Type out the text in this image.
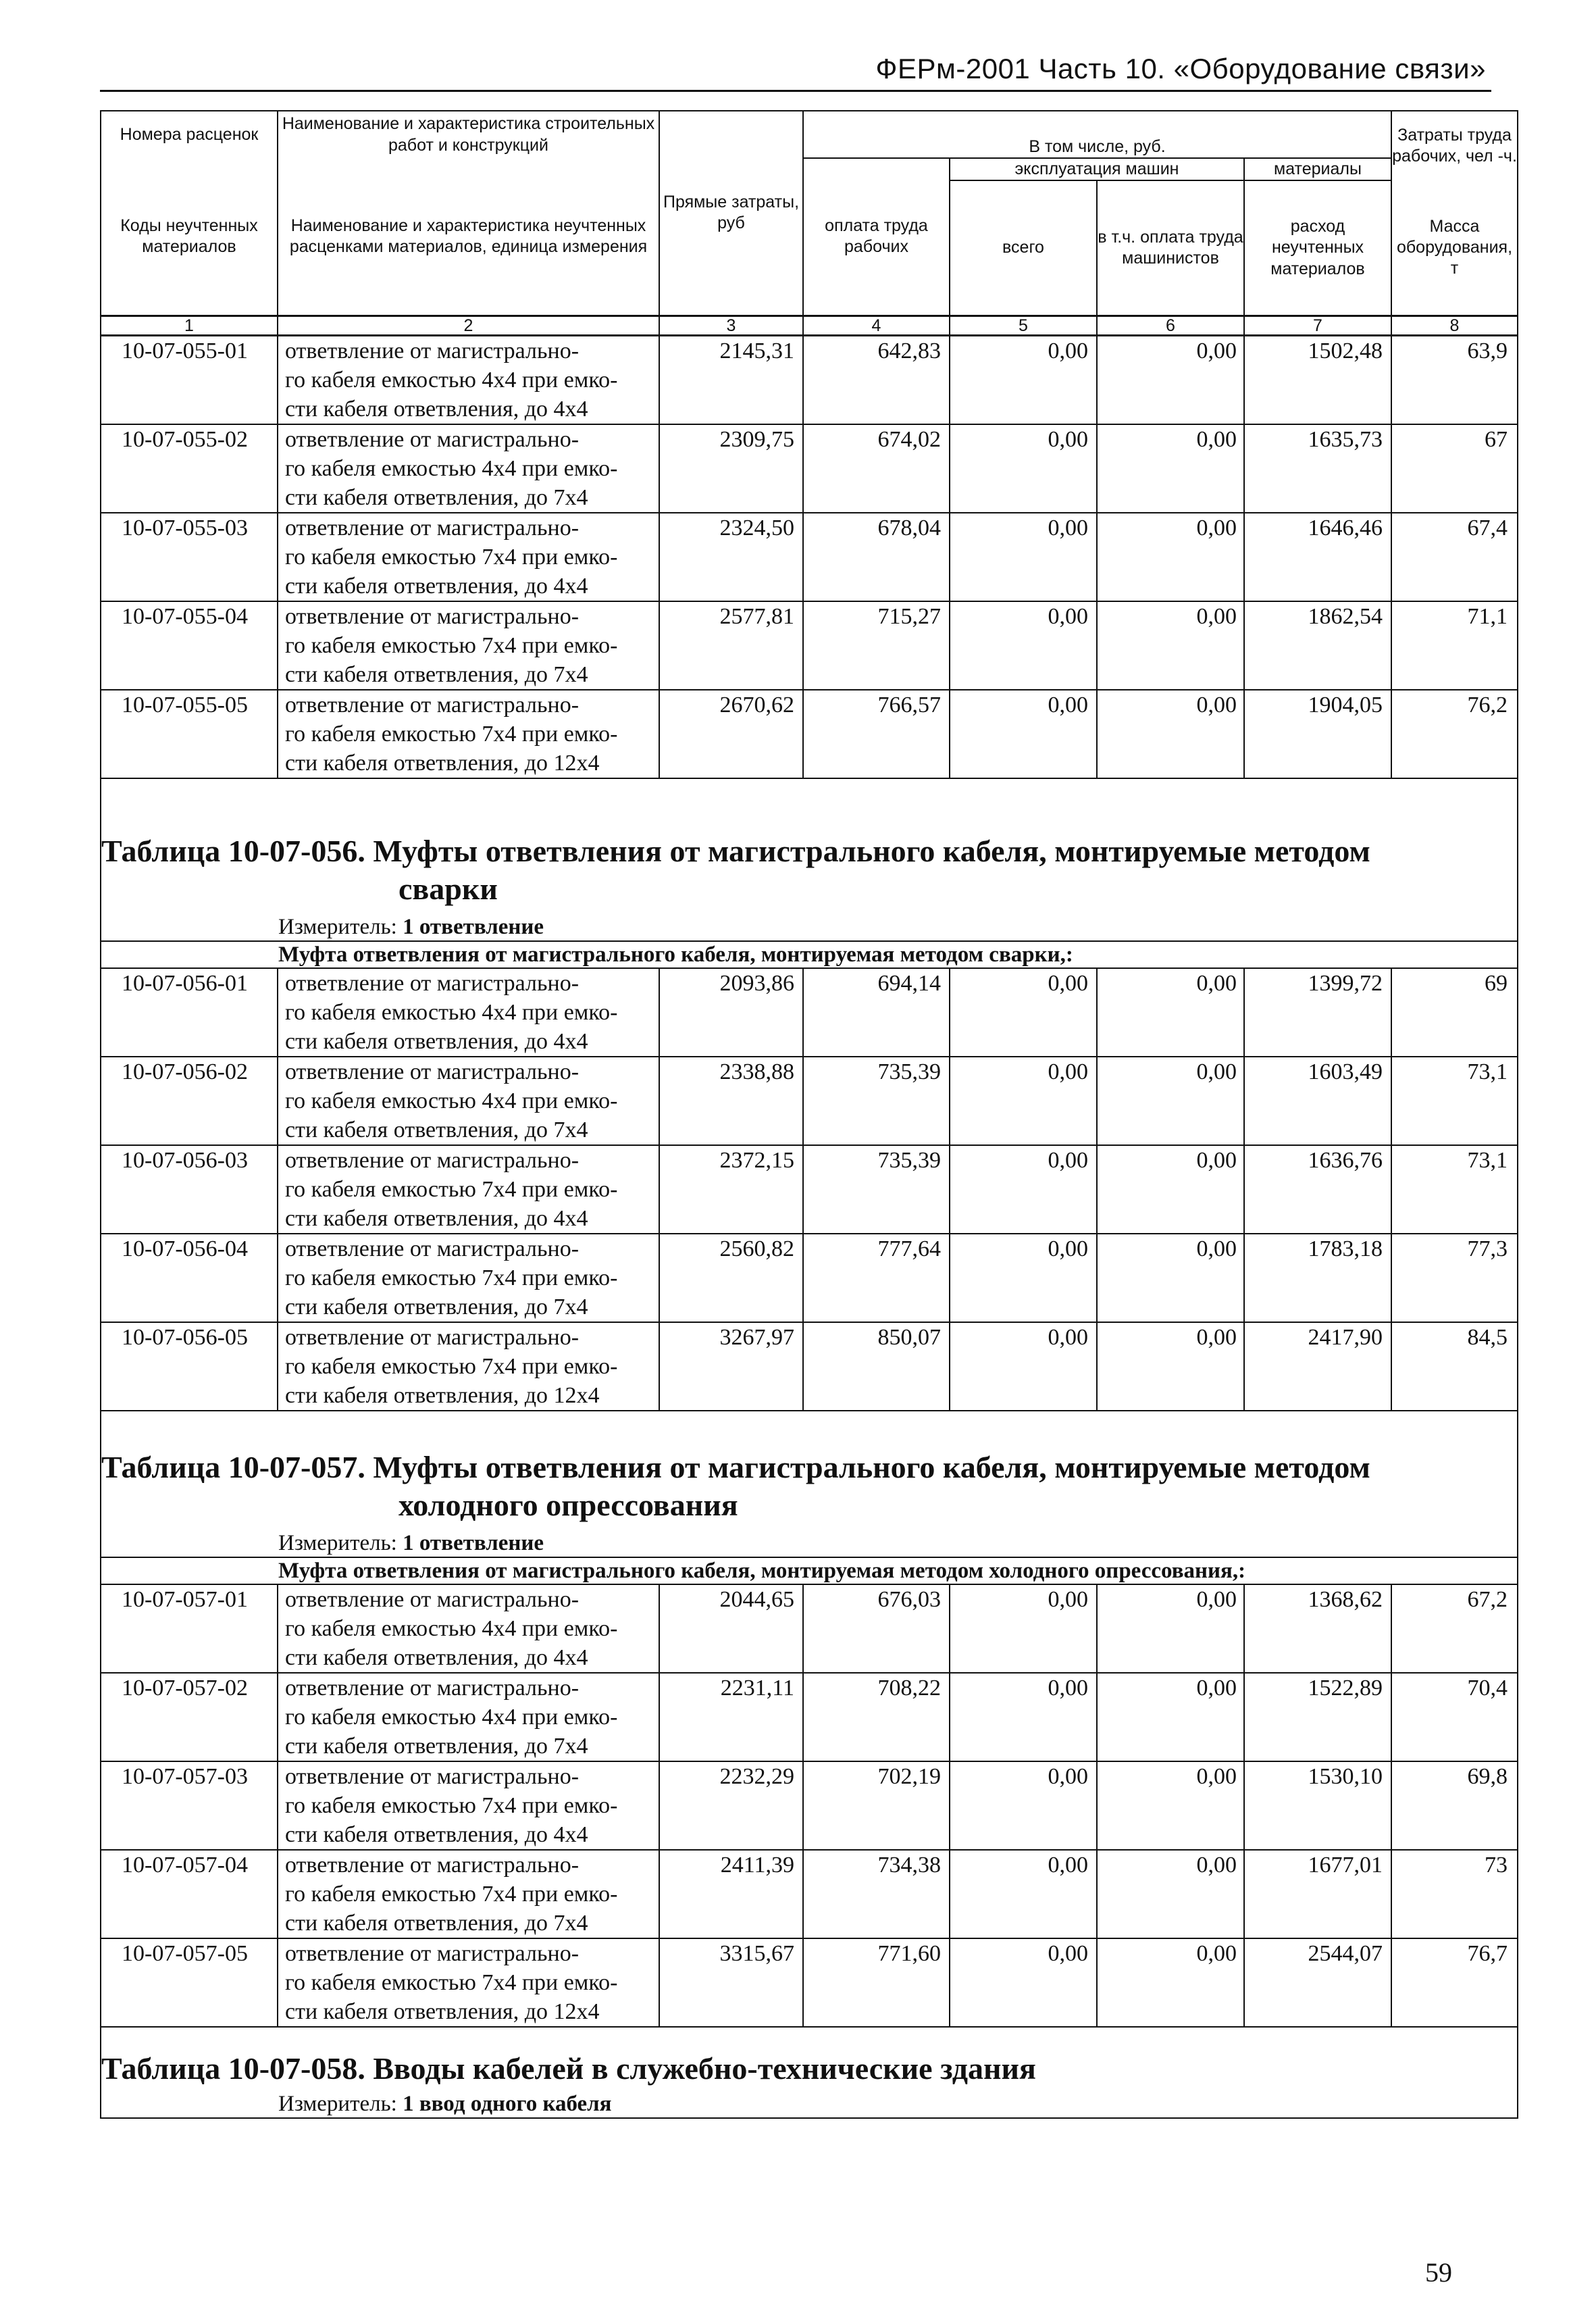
ФЕРм-2001 Часть 10. «Оборудование связи»
Номера расценок	Наименование и характеристика строительных работ и конструкций	Прямые затраты, руб	В том числе, руб.				Затраты труда рабочих, чел -ч.
Коды неучтенных материалов	Наименование и характеристика неучтенных расценками материалов, единица измерения		оплата труда рабочих	эксплуатация машин		материалы	
				всего	в т.ч. оплата труда машинистов	расход неучтенных материалов	Масса оборудования, т
1	2	3	4	5	6	7	8
10-07-055-01	ответвление от магистрально-
го кабеля емкостью 4х4 при емко-
сти кабеля ответвления, до 4х4	2145,31	642,83	0,00	0,00	1502,48	63,9
10-07-055-02	ответвление от магистрально-
го кабеля емкостью 4х4 при емко-
сти кабеля ответвления, до 7х4	2309,75	674,02	0,00	0,00	1635,73	67
10-07-055-03	ответвление от магистрально-
го кабеля емкостью 7х4 при емко-
сти кабеля ответвления, до 4х4	2324,50	678,04	0,00	0,00	1646,46	67,4
10-07-055-04	ответвление от магистрально-
го кабеля емкостью 7х4 при емко-
сти кабеля ответвления, до 7х4	2577,81	715,27	0,00	0,00	1862,54	71,1
10-07-055-05	ответвление от магистрально-
го кабеля емкостью 7х4 при емко-
сти кабеля ответвления, до 12х4	2670,62	766,57	0,00	0,00	1904,05	76,2
Таблица 10-07-056. Муфты ответвления от магистрального кабеля, монтируемые методом
сварки							

Измеритель: 1 ответвление							
Муфта ответвления от магистрального кабеля, монтируемая методом сварки,:							
10-07-056-01	ответвление от магистрально-
го кабеля емкостью 4х4 при емко-
сти кабеля ответвления, до 4х4	2093,86	694,14	0,00	0,00	1399,72	69
10-07-056-02	ответвление от магистрально-
го кабеля емкостью 4х4 при емко-
сти кабеля ответвления, до 7х4	2338,88	735,39	0,00	0,00	1603,49	73,1
10-07-056-03	ответвление от магистрально-
го кабеля емкостью 7х4 при емко-
сти кабеля ответвления, до 4х4	2372,15	735,39	0,00	0,00	1636,76	73,1
10-07-056-04	ответвление от магистрально-
го кабеля емкостью 7х4 при емко-
сти кабеля ответвления, до 7х4	2560,82	777,64	0,00	0,00	1783,18	77,3
10-07-056-05	ответвление от магистрально-
го кабеля емкостью 7х4 при емко-
сти кабеля ответвления, до 12х4	3267,97	850,07	0,00	0,00	2417,90	84,5
Таблица 10-07-057. Муфты ответвления от магистрального кабеля, монтируемые методом
холодного опрессования							

Измеритель: 1 ответвление							
Муфта ответвления от магистрального кабеля, монтируемая методом холодного опрессования,:							
10-07-057-01	ответвление от магистрально-
го кабеля емкостью 4х4 при емко-
сти кабеля ответвления, до 4х4	2044,65	676,03	0,00	0,00	1368,62	67,2
10-07-057-02	ответвление от магистрально-
го кабеля емкостью 4х4 при емко-
сти кабеля ответвления, до 7х4	2231,11	708,22	0,00	0,00	1522,89	70,4
10-07-057-03	ответвление от магистрально-
го кабеля емкостью 7х4 при емко-
сти кабеля ответвления, до 4х4	2232,29	702,19	0,00	0,00	1530,10	69,8
10-07-057-04	ответвление от магистрально-
го кабеля емкостью 7х4 при емко-
сти кабеля ответвления, до 7х4	2411,39	734,38	0,00	0,00	1677,01	73
10-07-057-05	ответвление от магистрально-
го кабеля емкостью 7х4 при емко-
сти кабеля ответвления, до 12х4	3315,67	771,60	0,00	0,00	2544,07	76,7
Таблица 10-07-058. Вводы кабелей в служебно-технические здания							
Измеритель: 1 ввод одного кабеля							
59
